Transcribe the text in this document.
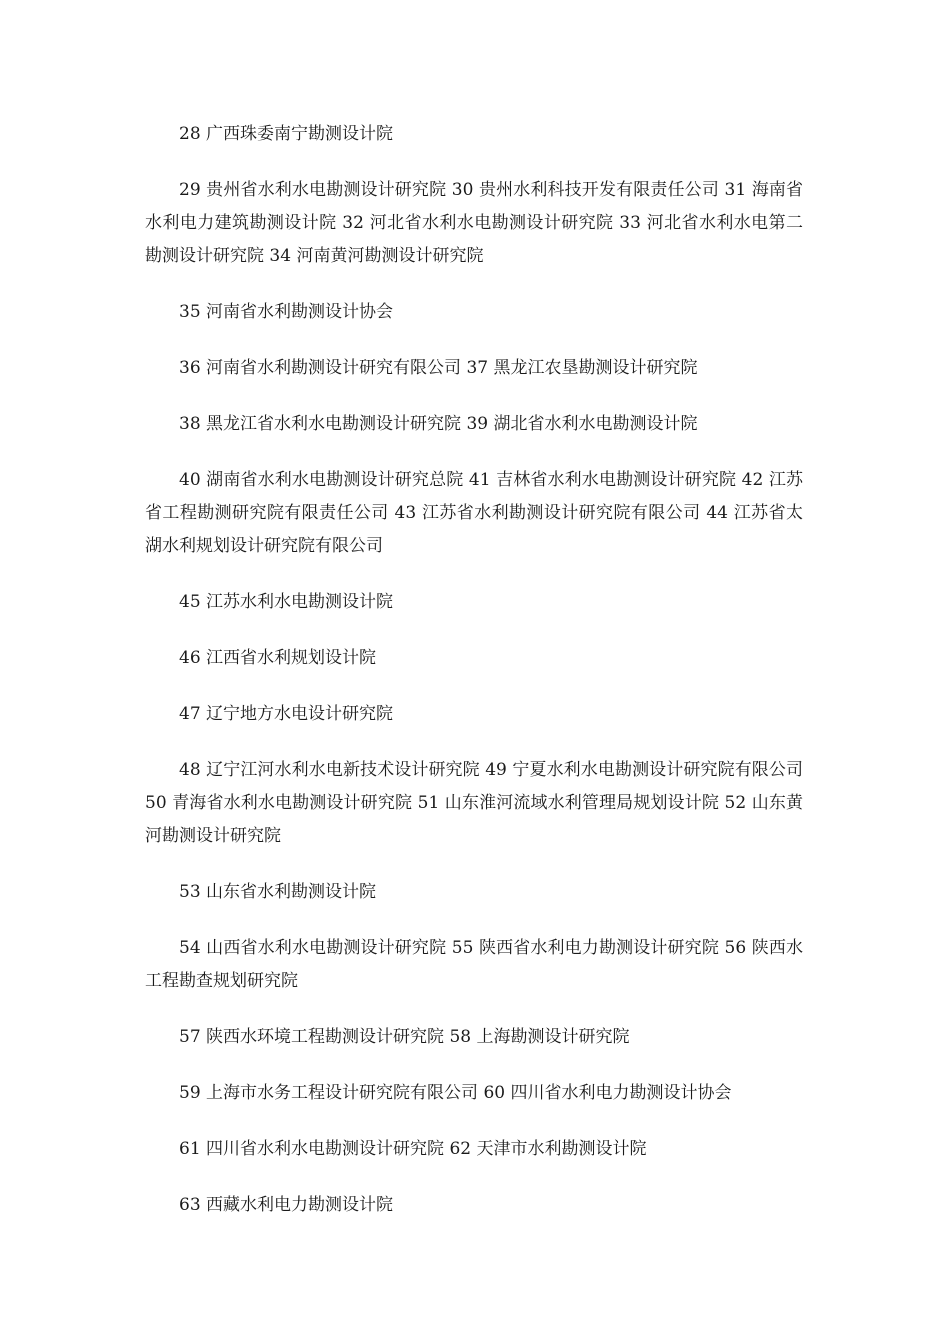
28 广西珠委南宁勘测设计院

29 贵州省水利水电勘测设计研究院 30 贵州水利科技开发有限责任公司 31 海南省水利电力建筑勘测设计院 32 河北省水利水电勘测设计研究院 33 河北省水利水电第二勘测设计研究院 34 河南黄河勘测设计研究院

35 河南省水利勘测设计协会

36 河南省水利勘测设计研究有限公司 37 黑龙江农垦勘测设计研究院

38 黑龙江省水利水电勘测设计研究院 39 湖北省水利水电勘测设计院

40 湖南省水利水电勘测设计研究总院 41 吉林省水利水电勘测设计研究院 42 江苏省工程勘测研究院有限责任公司 43 江苏省水利勘测设计研究院有限公司 44 江苏省太湖水利规划设计研究院有限公司

45 江苏水利水电勘测设计院

46 江西省水利规划设计院

47 辽宁地方水电设计研究院

48 辽宁江河水利水电新技术设计研究院 49 宁夏水利水电勘测设计研究院有限公司 50 青海省水利水电勘测设计研究院 51 山东淮河流域水利管理局规划设计院 52 山东黄河勘测设计研究院

53 山东省水利勘测设计院

54 山西省水利水电勘测设计研究院 55 陕西省水利电力勘测设计研究院 56 陕西水工程勘查规划研究院

57 陕西水环境工程勘测设计研究院 58 上海勘测设计研究院

59 上海市水务工程设计研究院有限公司 60 四川省水利电力勘测设计协会

61 四川省水利水电勘测设计研究院 62 天津市水利勘测设计院

63 西藏水利电力勘测设计院
